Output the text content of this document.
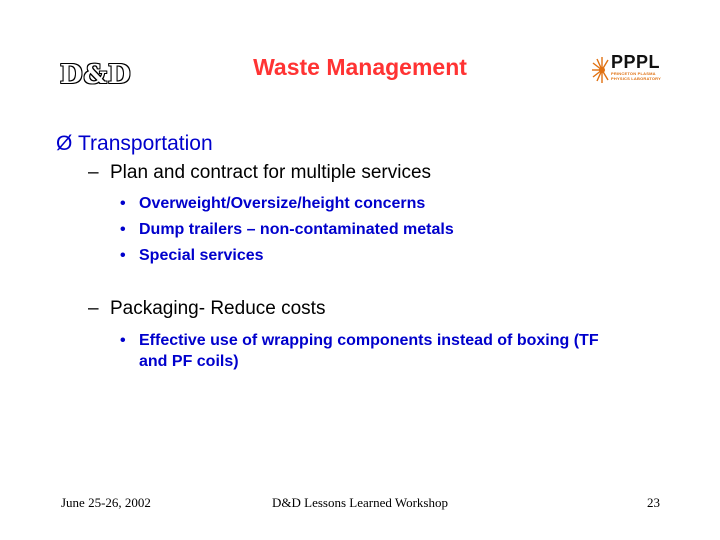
D&D	Waste Management	PPPL
PRINCETON PLASMA PHYSICS LABORATORY
Ø Transportation
– Plan and contract for multiple services
• Overweight/Oversize/height concerns
• Dump trailers – non-contaminated metals
• Special services
– Packaging- Reduce costs
• Effective use of wrapping components instead of boxing (TF and PF coils)
June 25-26, 2002	D&D Lessons Learned Workshop	23
